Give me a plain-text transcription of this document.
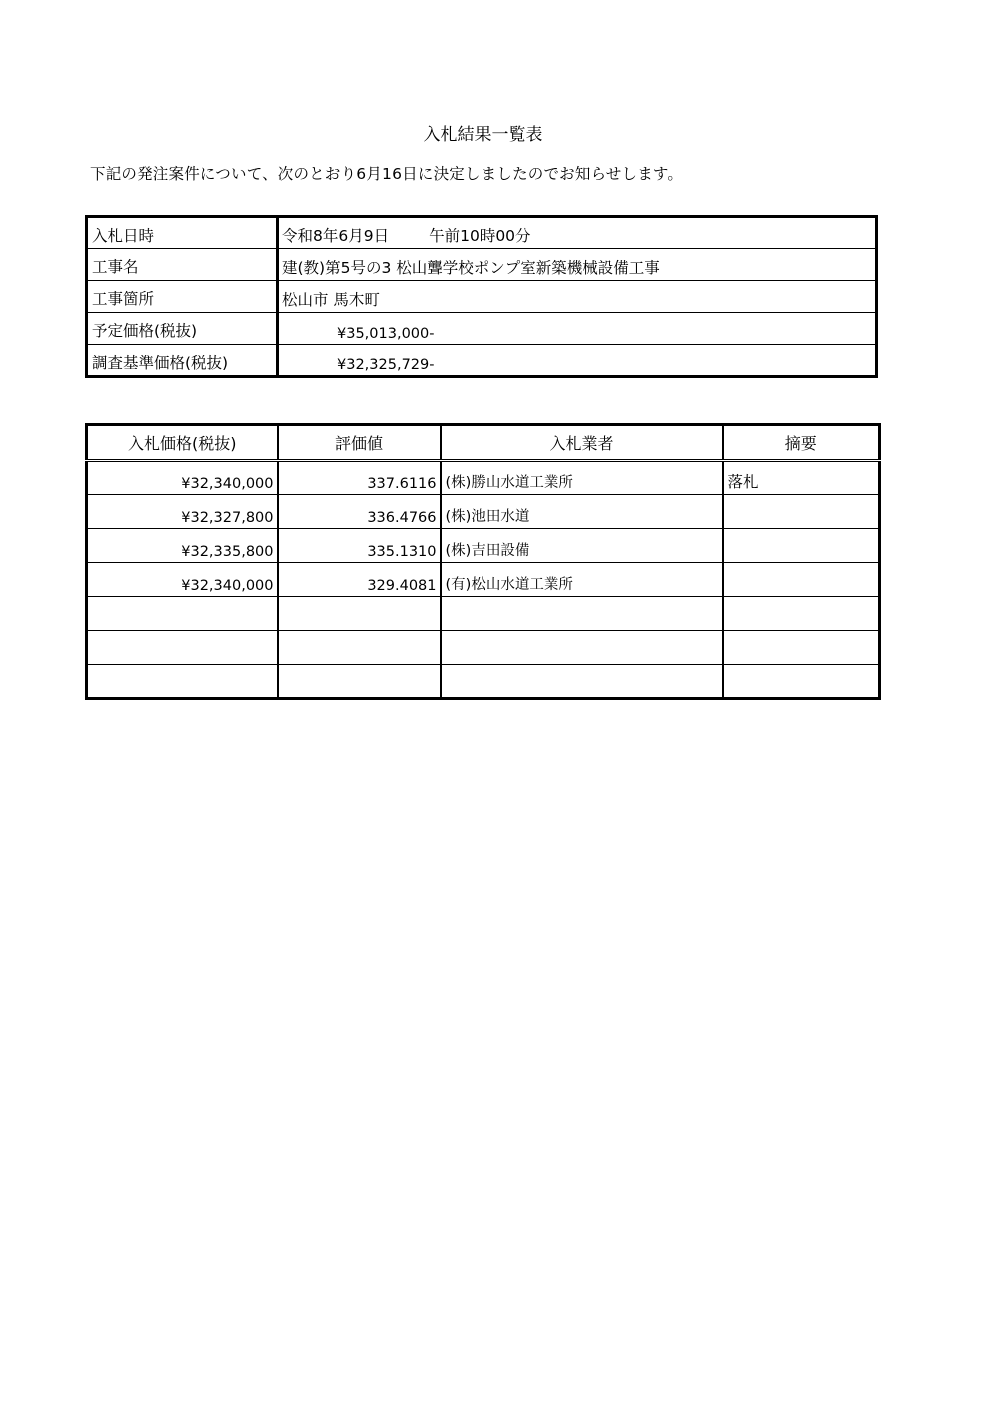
入札結果一覧表
下記の発注案件について、次のとおり6月16日に決定しましたのでお知らせします。
入札日時	令和8年6月9日 午前10時00分
工事名	建(教)第5号の3 松山聾学校ポンプ室新築機械設備工事
工事箇所	松山市 馬木町
予定価格(税抜)	¥35,013,000-
調査基準価格(税抜)	¥32,325,729-
入札価格(税抜)	評価値	入札業者	摘要
¥32,340,000	337.6116	(株)勝山水道工業所	落札
¥32,327,800	336.4766	(株)池田水道	
¥32,335,800	335.1310	(株)吉田設備	
¥32,340,000	329.4081	(有)松山水道工業所	
